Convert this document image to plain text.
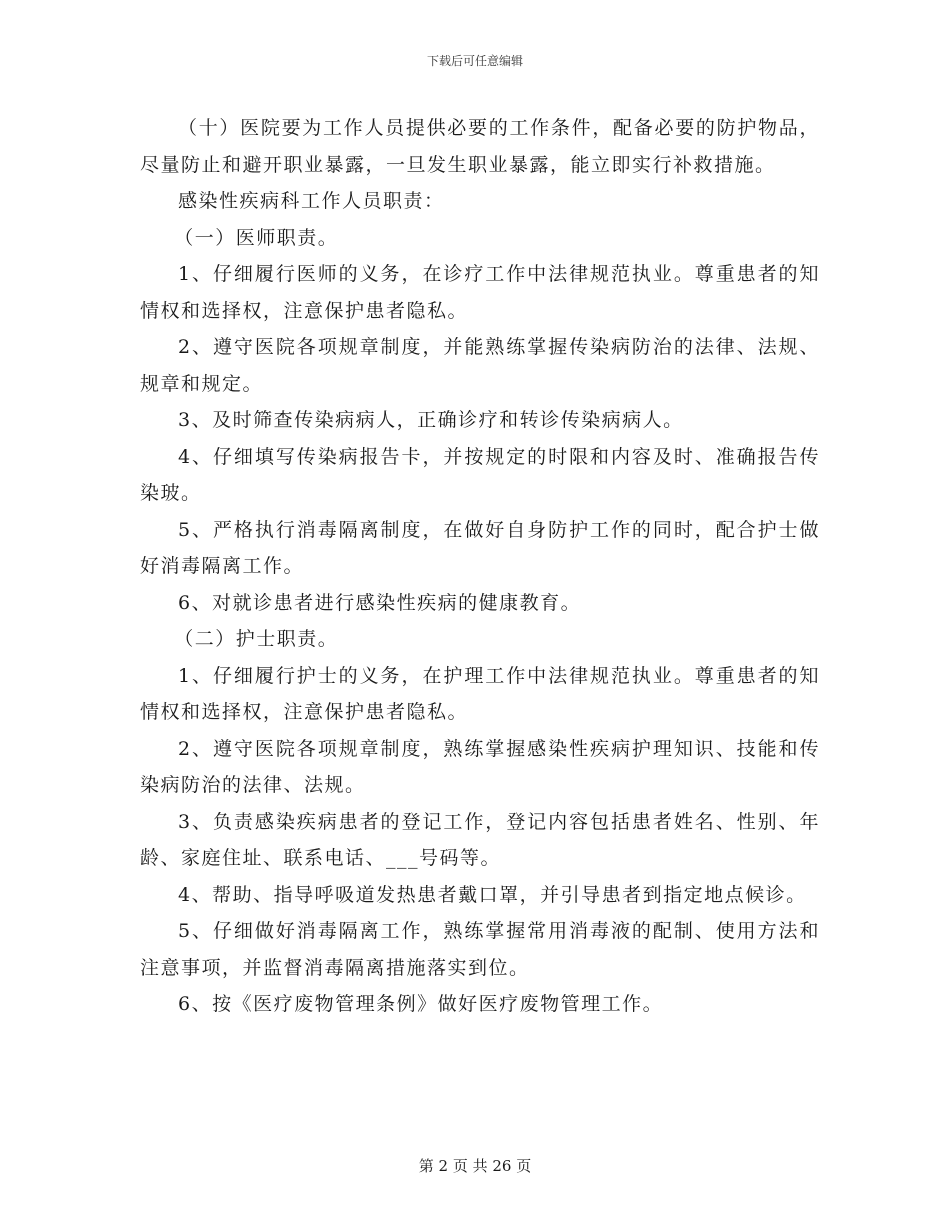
下载后可任意编辑

（十）医院要为工作人员提供必要的工作条件，配备必要的防护物品，尽量防止和避开职业暴露，一旦发生职业暴露，能立即实行补救措施。

感染性疾病科工作人员职责：

（一）医师职责。

1、仔细履行医师的义务，在诊疗工作中法律规范执业。尊重患者的知情权和选择权，注意保护患者隐私。

2、遵守医院各项规章制度，并能熟练掌握传染病防治的法律、法规、规章和规定。

3、及时筛查传染病病人，正确诊疗和转诊传染病病人。

4、仔细填写传染病报告卡，并按规定的时限和内容及时、准确报告传染玻。

5、严格执行消毒隔离制度，在做好自身防护工作的同时，配合护士做好消毒隔离工作。

6、对就诊患者进行感染性疾病的健康教育。

（二）护士职责。

1、仔细履行护士的义务，在护理工作中法律规范执业。尊重患者的知情权和选择权，注意保护患者隐私。

2、遵守医院各项规章制度，熟练掌握感染性疾病护理知识、技能和传染病防治的法律、法规。

3、负责感染疾病患者的登记工作，登记内容包括患者姓名、性别、年龄、家庭住址、联系电话、___号码等。

4、帮助、指导呼吸道发热患者戴口罩，并引导患者到指定地点候诊。

5、仔细做好消毒隔离工作，熟练掌握常用消毒液的配制、使用方法和注意事项，并监督消毒隔离措施落实到位。

6、按《医疗废物管理条例》做好医疗废物管理工作。

第 2 页 共 26 页
